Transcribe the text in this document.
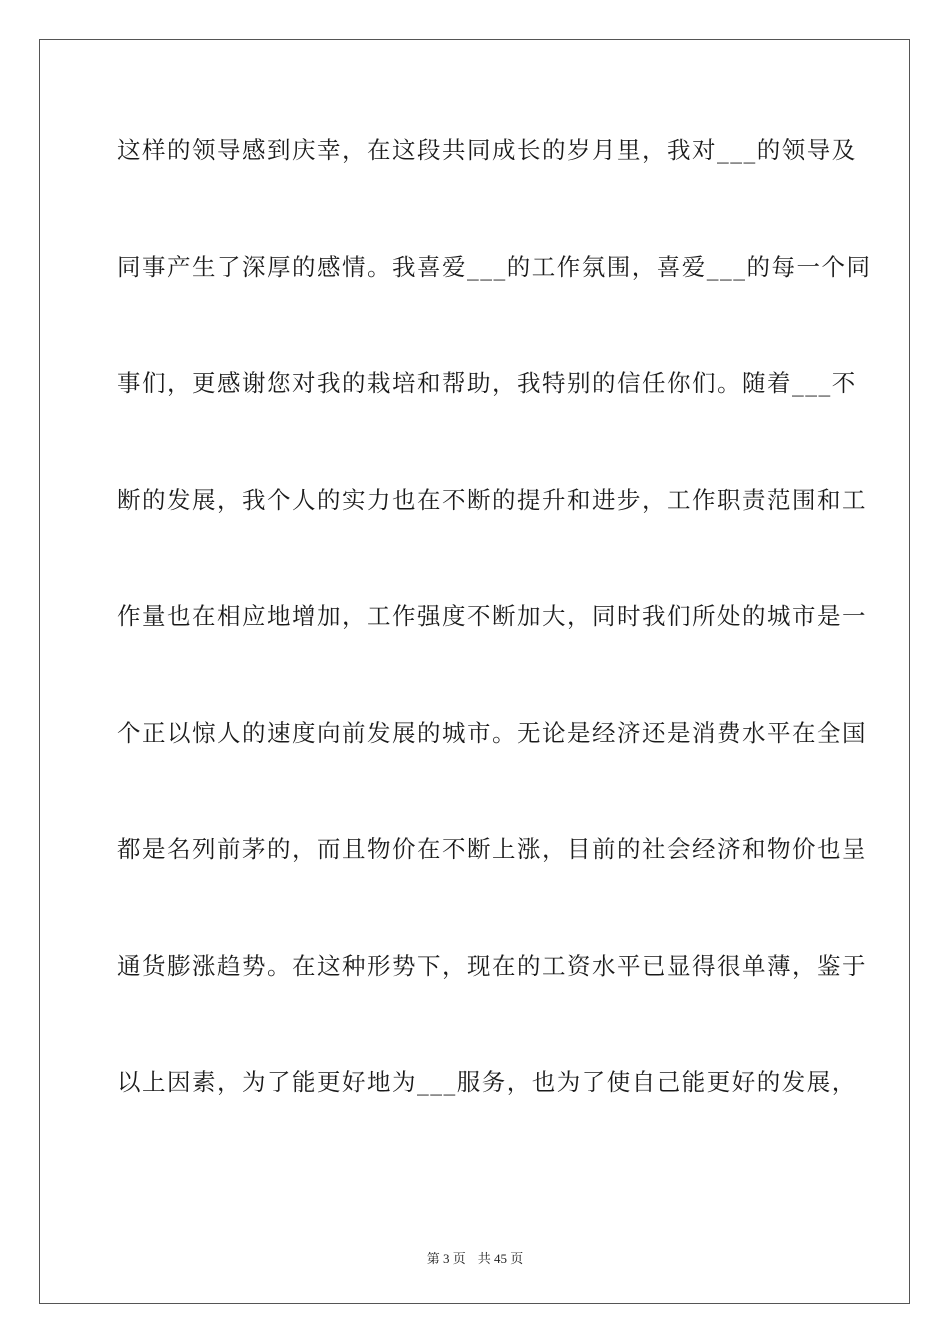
这样的领导感到庆幸，在这段共同成长的岁月里，我对___的领导及
同事产生了深厚的感情。我喜爱___的工作氛围，喜爱___的每一个同
事们，更感谢您对我的栽培和帮助，我特别的信任你们。随着___不
断的发展，我个人的实力也在不断的提升和进步，工作职责范围和工
作量也在相应地增加，工作强度不断加大，同时我们所处的城市是一
个正以惊人的速度向前发展的城市。无论是经济还是消费水平在全国
都是名列前茅的，而且物价在不断上涨，目前的社会经济和物价也呈
通货膨涨趋势。在这种形势下，现在的工资水平已显得很单薄，鉴于
以上因素，为了能更好地为___服务，也为了使自己能更好的发展，
第 3 页 共 45 页
